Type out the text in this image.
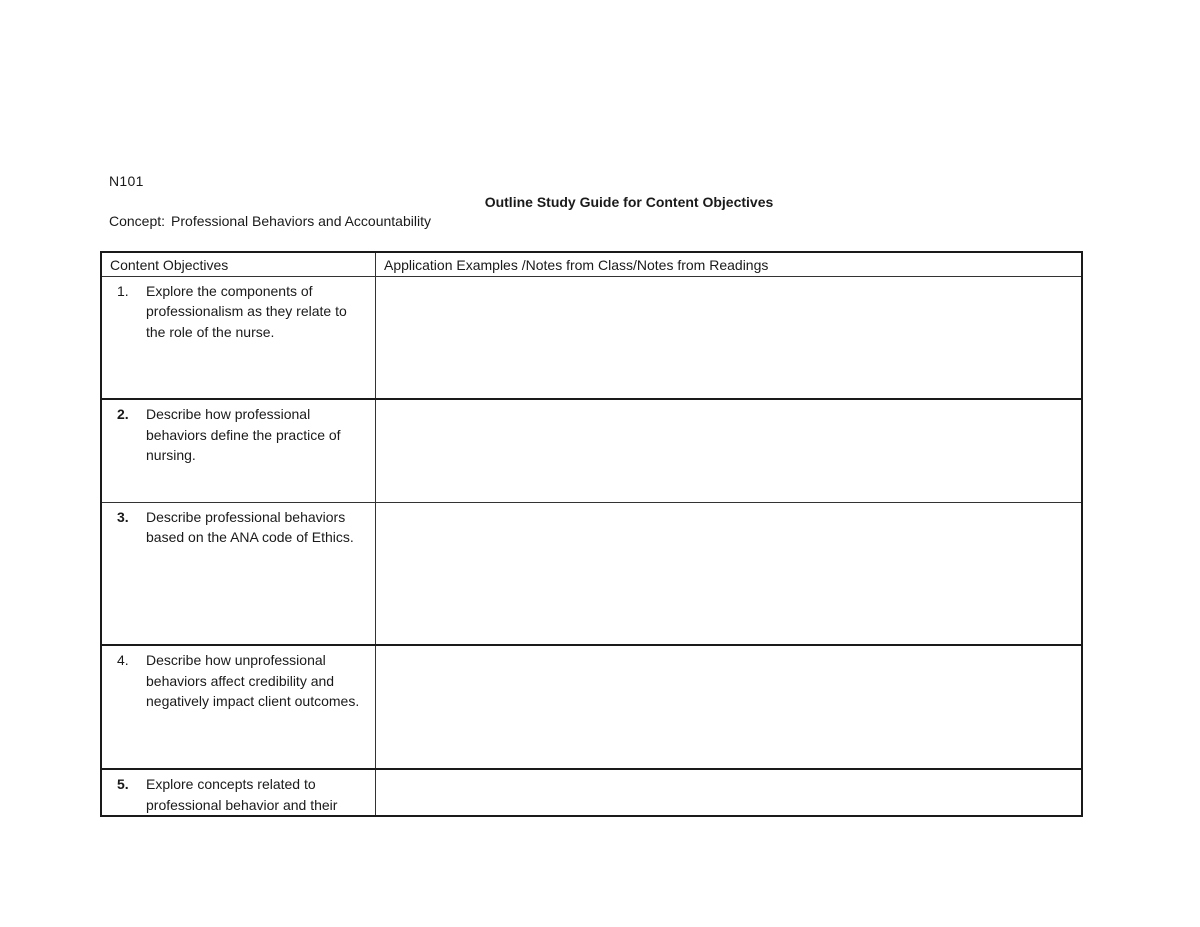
N101
Outline Study Guide for Content Objectives
Concept: Professional Behaviors and Accountability
Content Objectives	Application Examples /Notes from Class/Notes from Readings

1. Explore the components of professionalism as they relate to the role of the nurse.	

2. Describe how professional behaviors define the practice of nursing.	

3. Describe professional behaviors based on the ANA code of Ethics.	

4. Describe how unprofessional behaviors affect credibility and negatively impact client outcomes.	

5. Explore concepts related to professional behavior and their	
